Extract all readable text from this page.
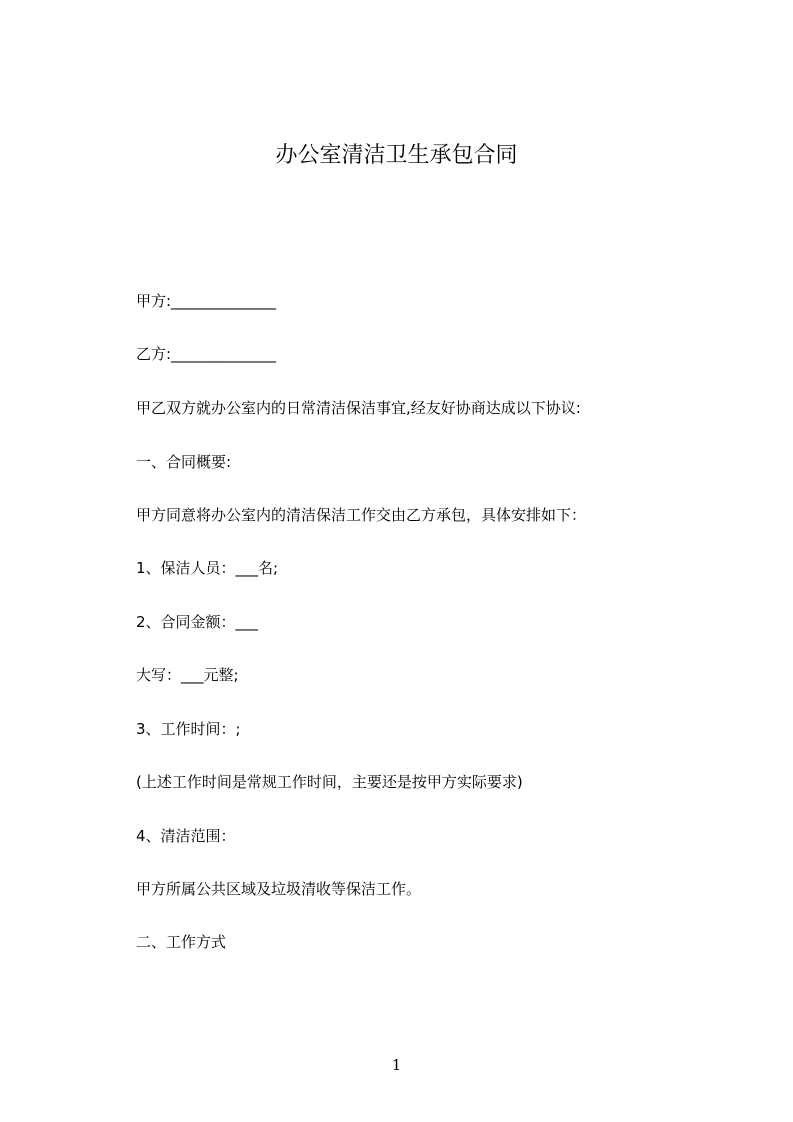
办公室清洁卫生承包合同
甲方:______________
乙方:______________
甲乙双方就办公室内的日常清洁保洁事宜,经友好协商达成以下协议:
一、合同概要:
甲方同意将办公室内的清洁保洁工作交由乙方承包，具体安排如下：
1、保洁人员：___名;
2、合同金额：___
大写：___元整;
3、工作时间：;
(上述工作时间是常规工作时间，主要还是按甲方实际要求)
4、清洁范围：
甲方所属公共区域及垃圾清收等保洁工作。
二、工作方式
1
